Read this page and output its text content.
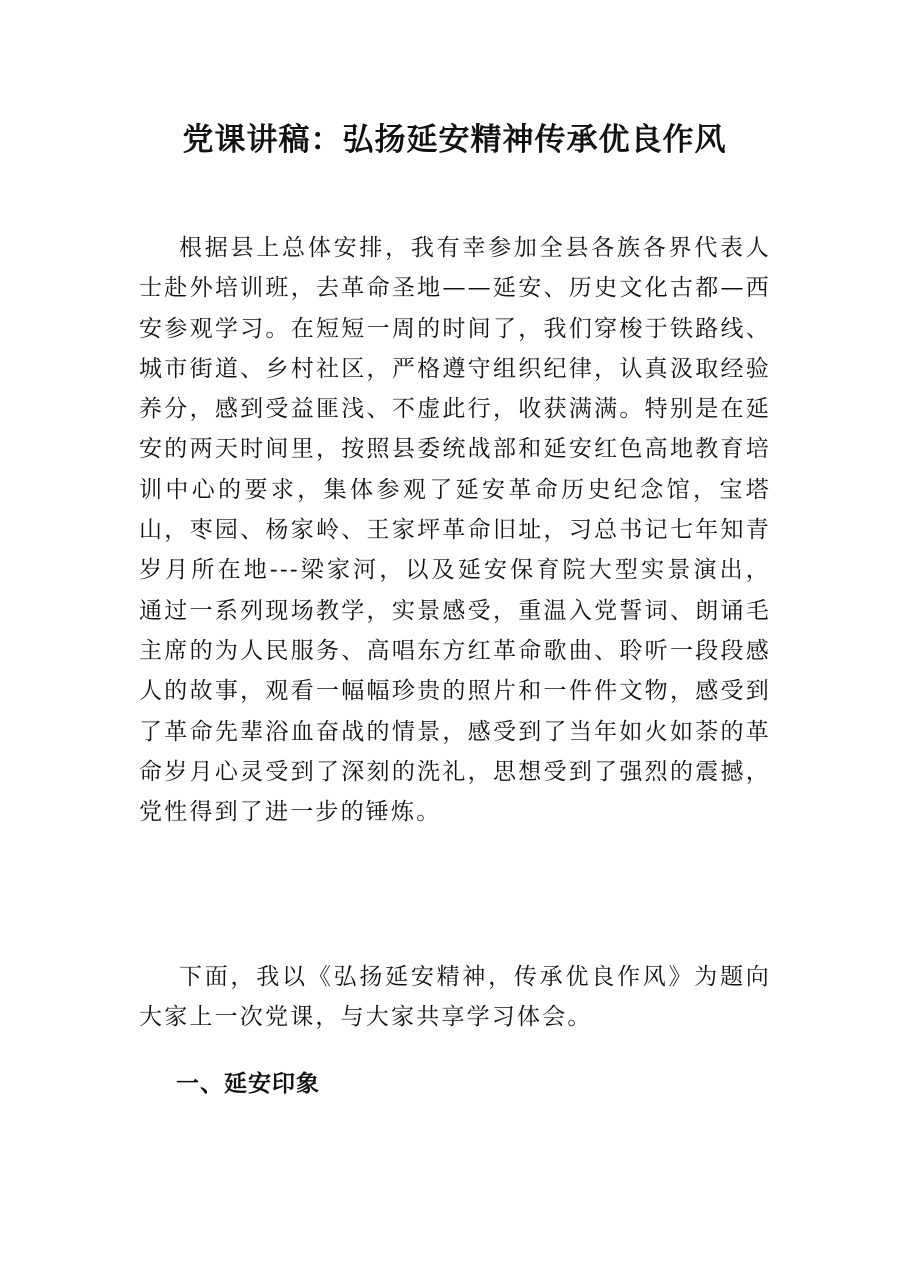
党课讲稿：弘扬延安精神传承优良作风

根据县上总体安排，我有幸参加全县各族各界代表人士赴外培训班，去革命圣地——延安、历史文化古都—西安参观学习。在短短一周的时间了，我们穿梭于铁路线、城市街道、乡村社区，严格遵守组织纪律，认真汲取经验养分，感到受益匪浅、不虚此行，收获满满。特别是在延安的两天时间里，按照县委统战部和延安红色高地教育培训中心的要求，集体参观了延安革命历史纪念馆，宝塔山，枣园、杨家岭、王家坪革命旧址，习总书记七年知青岁月所在地---梁家河，以及延安保育院大型实景演出，通过一系列现场教学，实景感受，重温入党誓词、朗诵毛主席的为人民服务、高唱东方红革命歌曲、聆听一段段感人的故事，观看一幅幅珍贵的照片和一件件文物，感受到了革命先辈浴血奋战的情景，感受到了当年如火如荼的革命岁月心灵受到了深刻的洗礼，思想受到了强烈的震撼，党性得到了进一步的锤炼。

下面，我以《弘扬延安精神，传承优良作风》为题向大家上一次党课，与大家共享学习体会。

一、延安印象
